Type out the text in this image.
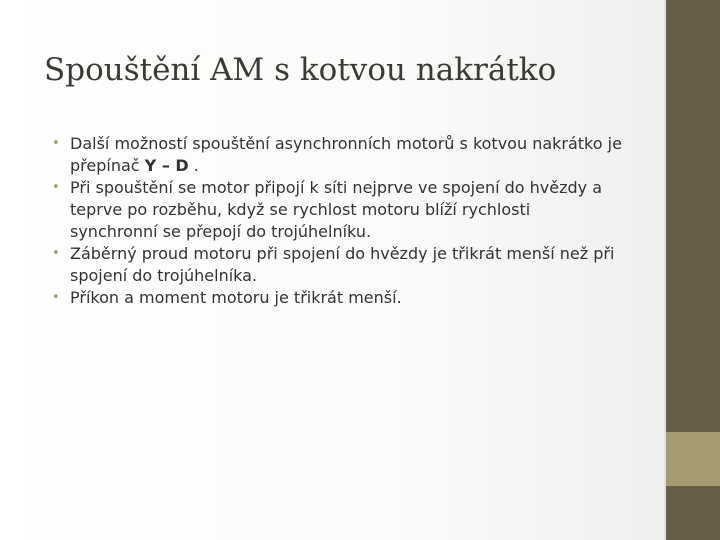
Spouštění AM s kotvou nakrátko
• Další možností spouštění asynchronních motorů s kotvou nakrátko je přepínač Y – D .
• Při spouštění se motor připojí k síti nejprve ve spojení do hvězdy a teprve po rozběhu, když se rychlost motoru blíží rychlosti synchronní se přepojí do trojúhelníku.
• Záběrný proud motoru při spojení do hvězdy je třikrát menší než při spojení do trojúhelníka.
• Příkon a moment motoru je třikrát menší.
